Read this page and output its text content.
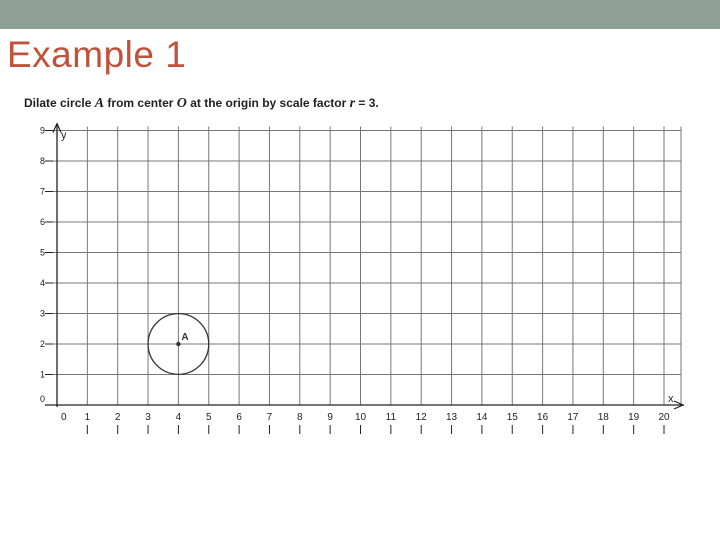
Example 1
Dilate circle A from center O at the origin by scale factor r = 3.
y
x
0 1 2 3 4 5 6 7 8 9 10 11 12 13 14 15 16 17 18 19 20
0
1
2
3
4
5
6
7
8
9
A
